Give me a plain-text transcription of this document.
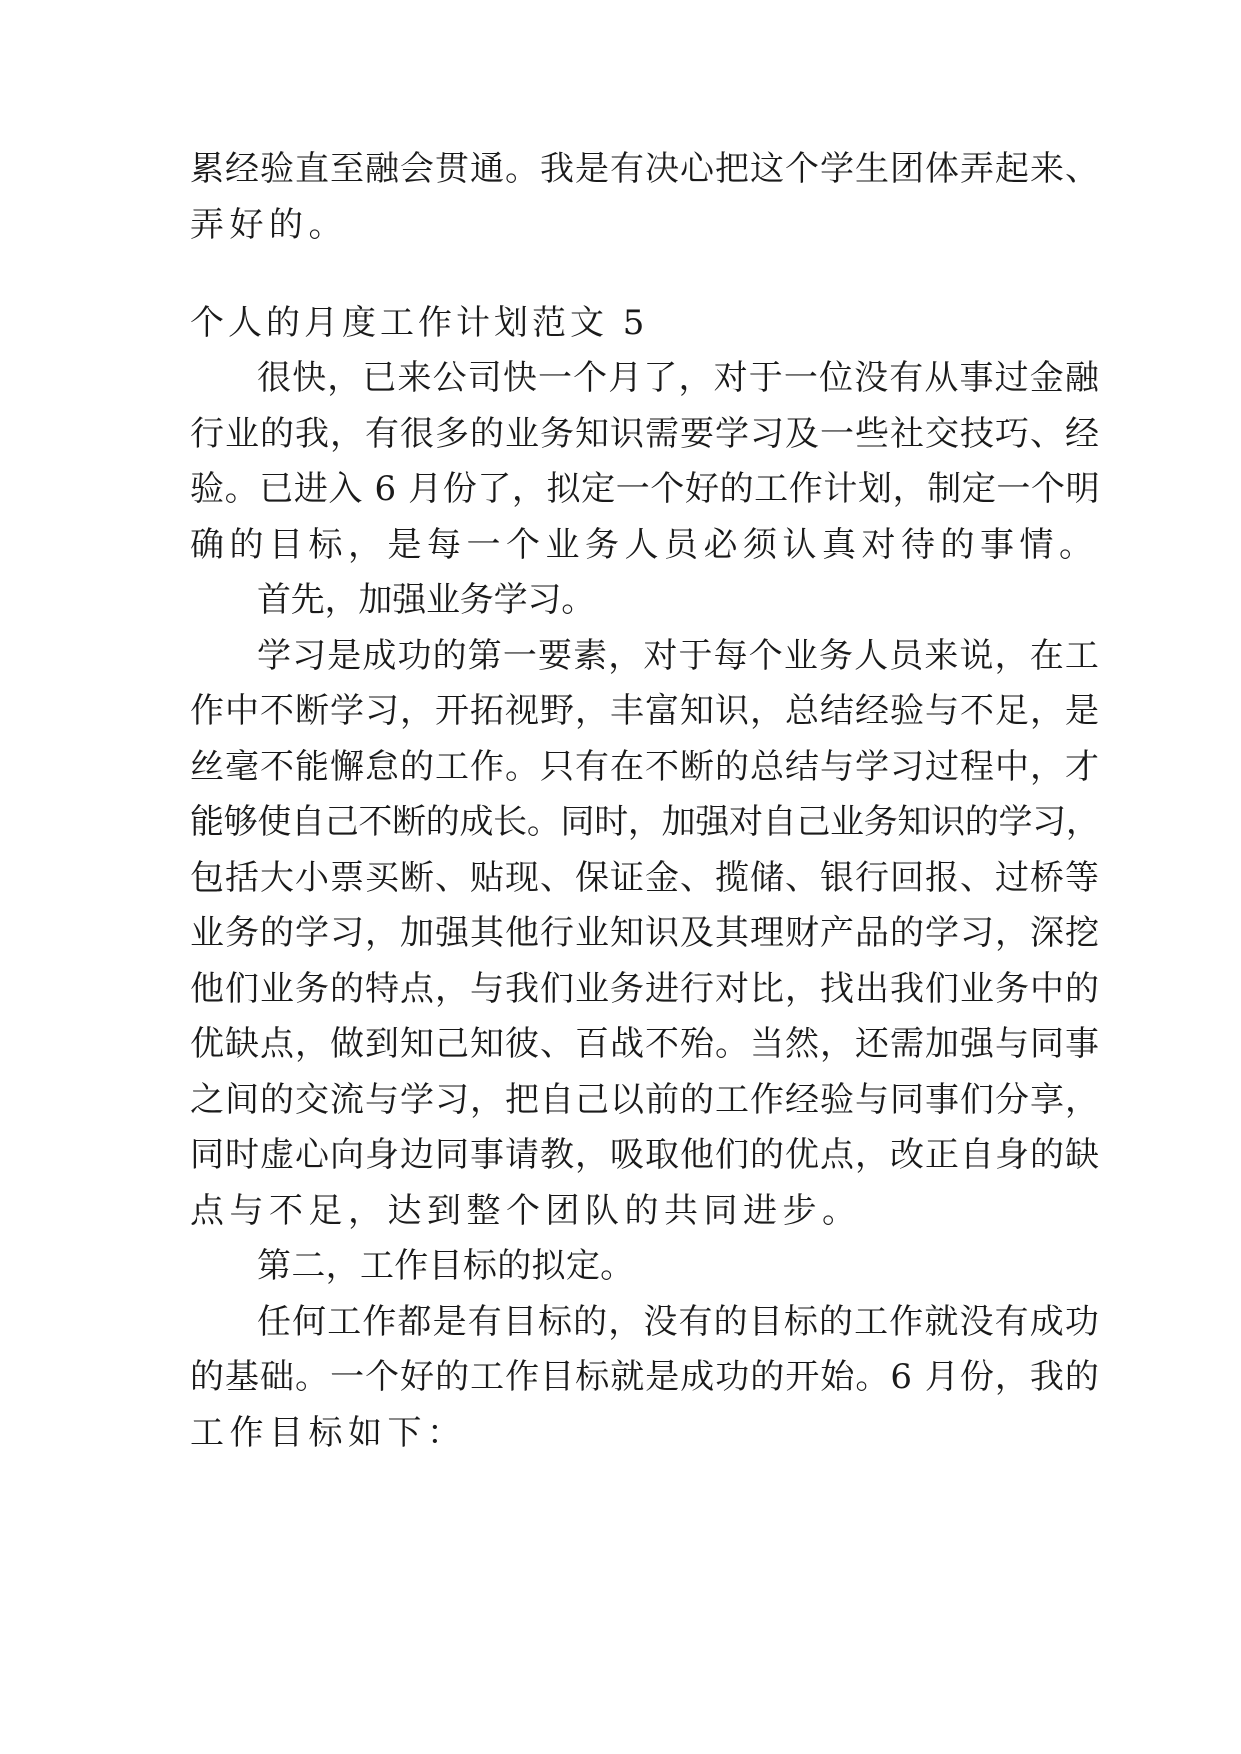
累经验直至融会贯通。我是有决心把这个学生团体弄起来、
弄好的。
个人的月度工作计划范文 5
很快，已来公司快一个月了，对于一位没有从事过金融
行业的我，有很多的业务知识需要学习及一些社交技巧、经
验。已进入 6 月份了，拟定一个好的工作计划，制定一个明
确的目标，是每一个业务人员必须认真对待的事情。
首先，加强业务学习。
学习是成功的第一要素，对于每个业务人员来说，在工
作中不断学习，开拓视野，丰富知识，总结经验与不足，是
丝毫不能懈怠的工作。只有在不断的总结与学习过程中，才
能够使自己不断的成长。同时，加强对自己业务知识的学习，
包括大小票买断、贴现、保证金、揽储、银行回报、过桥等
业务的学习，加强其他行业知识及其理财产品的学习，深挖
他们业务的特点，与我们业务进行对比，找出我们业务中的
优缺点，做到知己知彼、百战不殆。当然，还需加强与同事
之间的交流与学习，把自己以前的工作经验与同事们分享，
同时虚心向身边同事请教，吸取他们的优点，改正自身的缺
点与不足，达到整个团队的共同进步。
第二，工作目标的拟定。
任何工作都是有目标的，没有的目标的工作就没有成功
的基础。一个好的工作目标就是成功的开始。6 月份，我的
工作目标如下：
